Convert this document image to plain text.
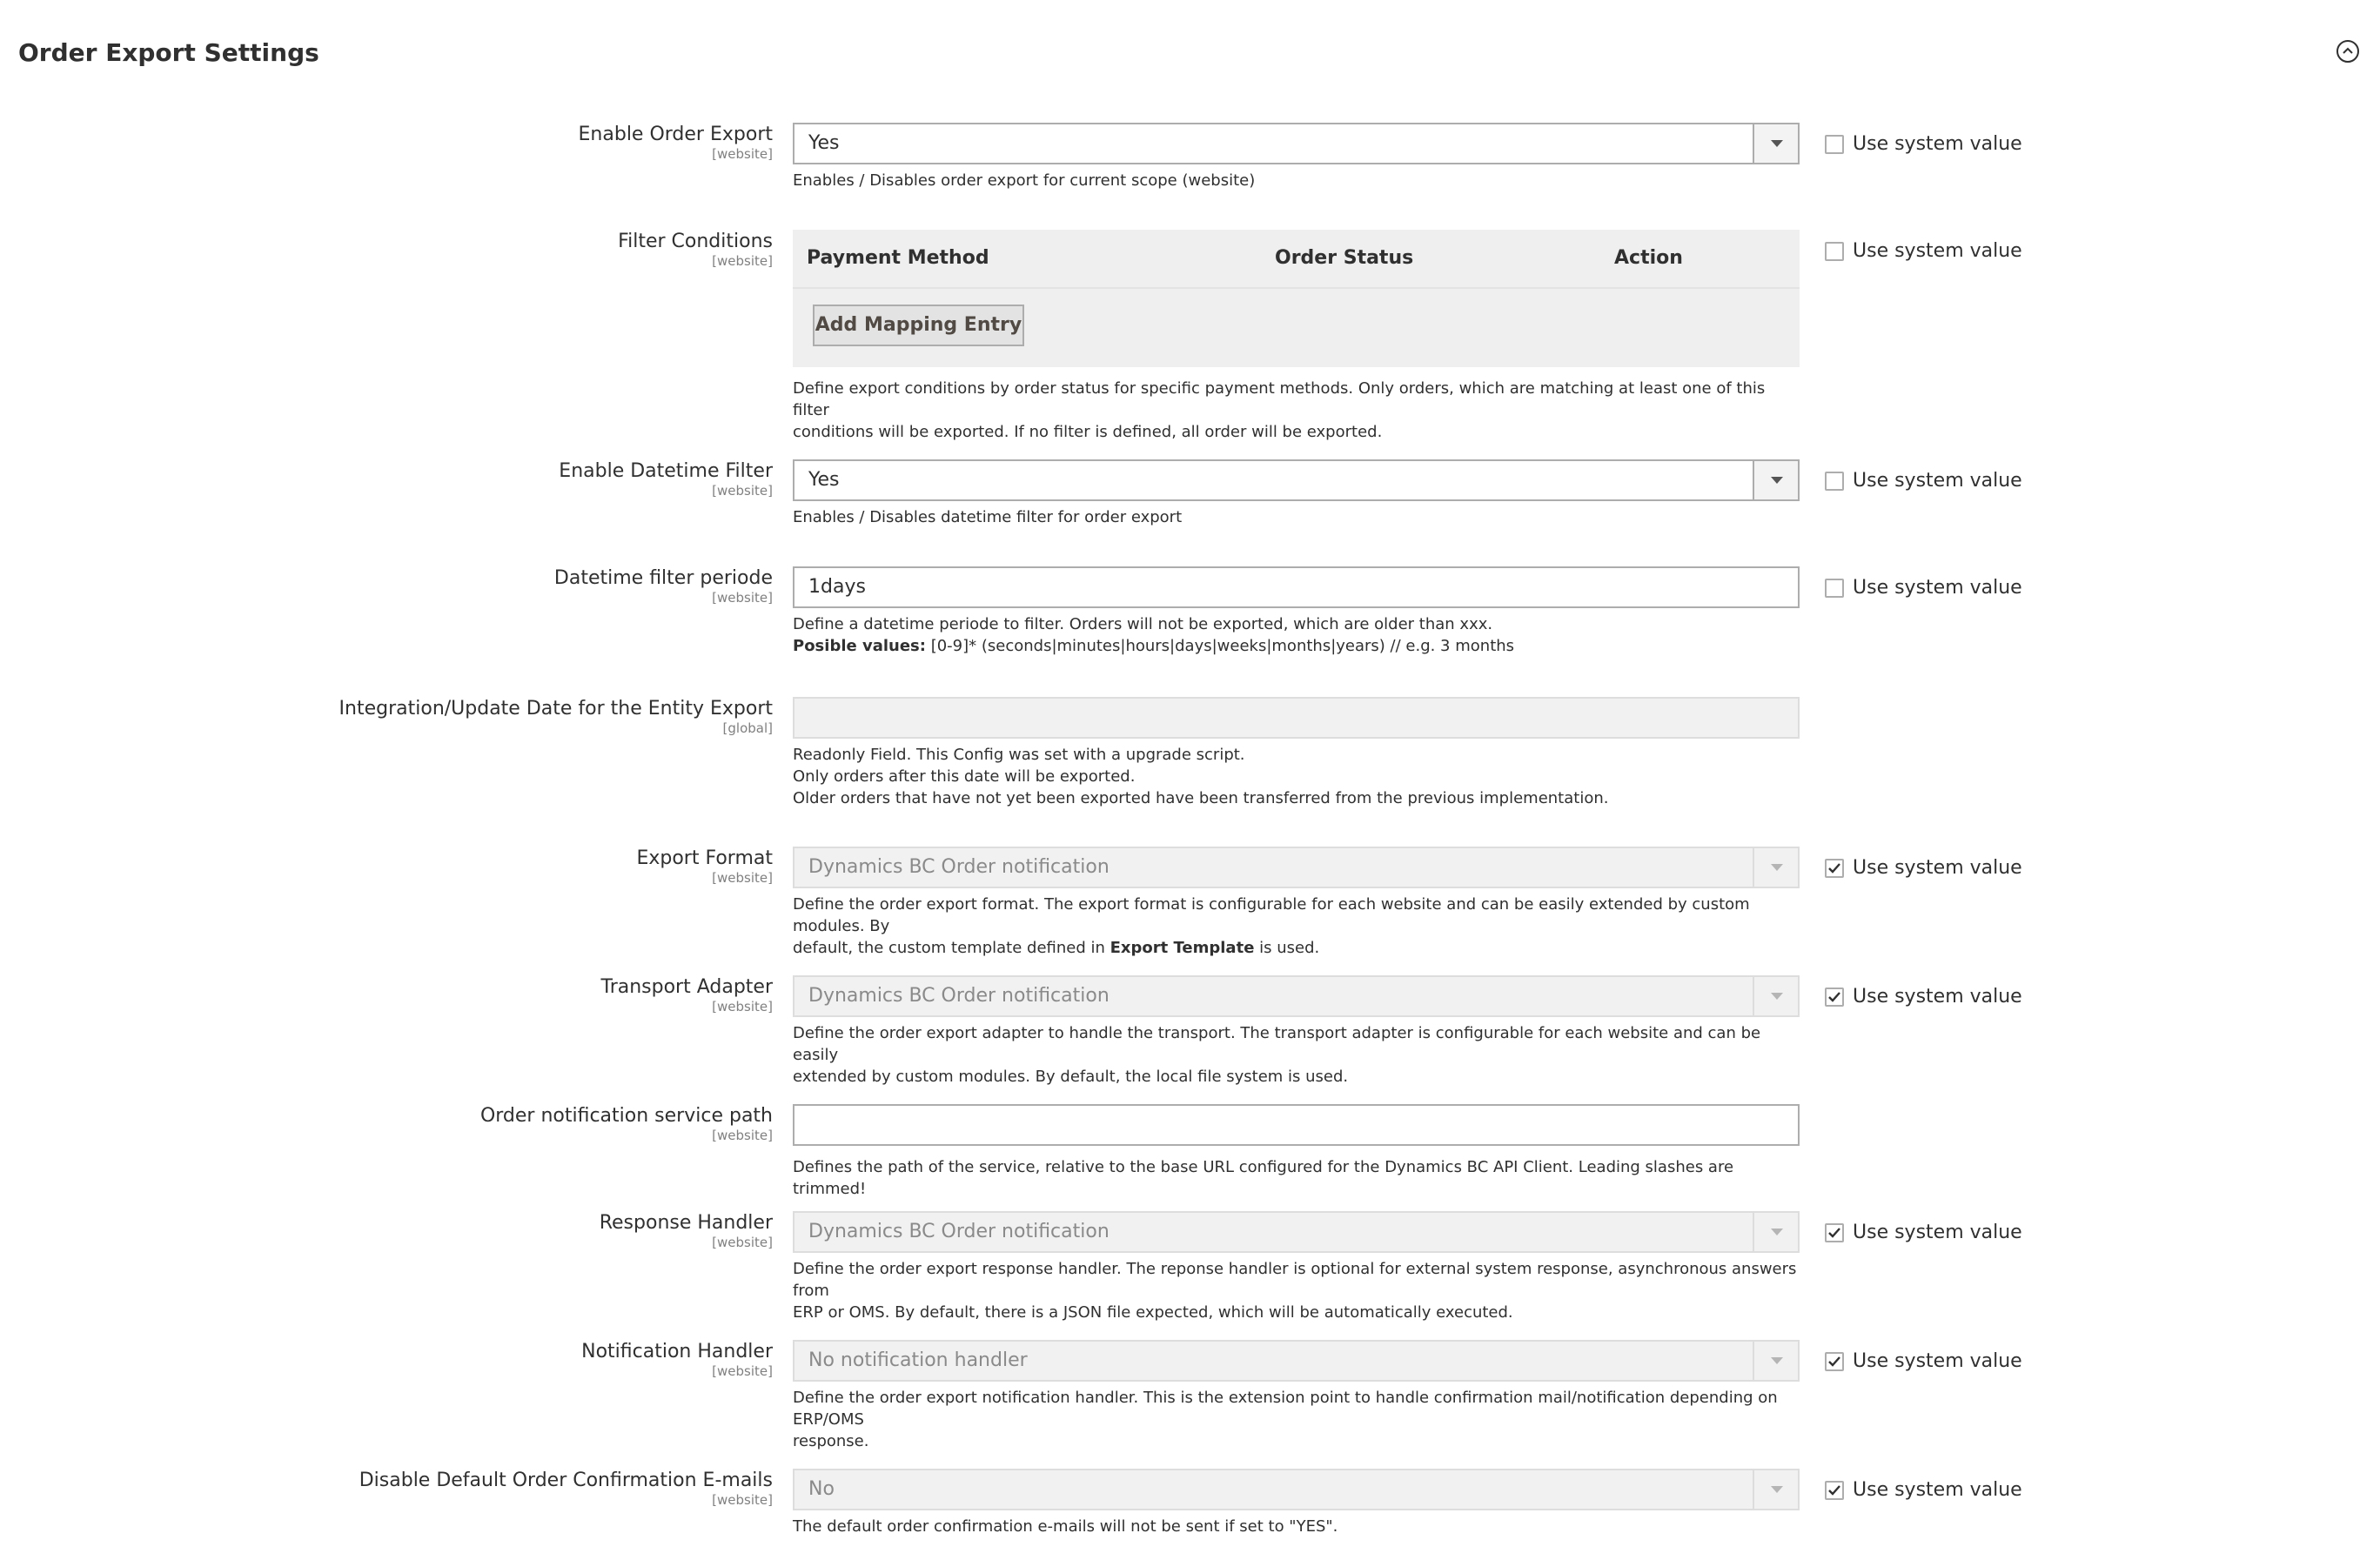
Order Export Settings
Enable Order Export
[website]	Yes
Enables / Disables order export for current scope (website)
Use system value
Filter Conditions
[website] Payment Method	Order Status	Action
Add Mapping Entry
Define export conditions by order status for specific payment methods. Only orders, which are matching at least one of this filter
conditions will be exported. If no filter is defined, all order will be exported.
Use system value
Enable Datetime Filter
[website]	Yes
Enables / Disables datetime filter for order export
Use system value
Datetime filter periode
[website]	1days
Define a datetime periode to filter. Orders will not be exported, which are older than xxx.
Posible values: [0-9]* (seconds|minutes|hours|days|weeks|months|years) // e.g. 3 months
Use system value
Integration/Update Date for the Entity Export
[global]
Readonly Field. This Config was set with a upgrade script.
Only orders after this date will be exported.
Older orders that have not yet been exported have been transferred from the previous implementation.
Export Format
[website]	Dynamics BC Order notification
Define the order export format. The export format is configurable for each website and can be easily extended by custom modules. By
default, the custom template defined in Export Template is used.
Use system value
Transport Adapter
[website]	Dynamics BC Order notification
Define the order export adapter to handle the transport. The transport adapter is configurable for each website and can be easily
extended by custom modules. By default, the local file system is used.
Use system value
Order notification service path
[website]
Defines the path of the service, relative to the base URL configured for the Dynamics BC API Client. Leading slashes are trimmed!
Response Handler
[website]	Dynamics BC Order notification
Define the order export response handler. The reponse handler is optional for external system response, asynchronous answers from
ERP or OMS. By default, there is a JSON file expected, which will be automatically executed.
Use system value
Notification Handler
[website]	No notification handler
Define the order export notification handler. This is the extension point to handle confirmation mail/notification depending on ERP/OMS
response.
Use system value
Disable Default Order Confirmation E-mails
[website]	No
The default order confirmation e-mails will not be sent if set to "YES".
Use system value
